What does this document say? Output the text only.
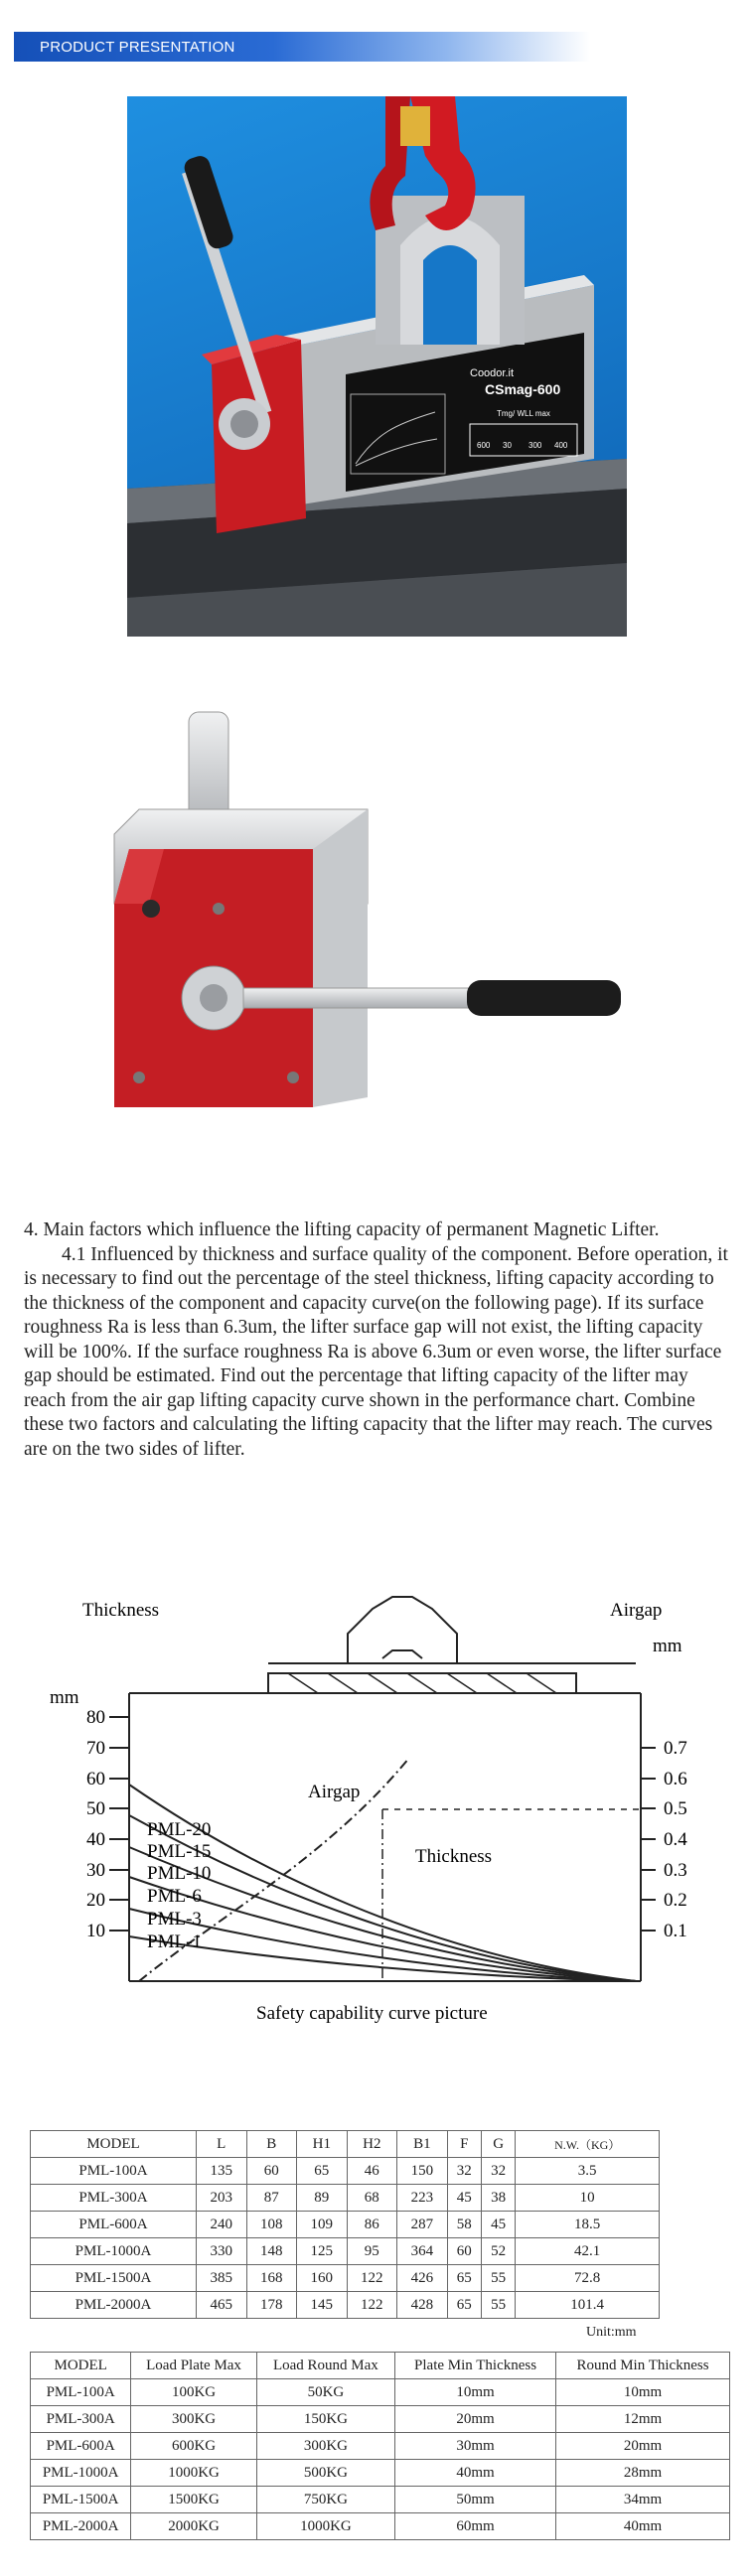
PRODUCT PRESENTATION
Coodor.it
CSmag-600
Tmg/ WLL max
600 30 300 400

4. Main factors which influence the lifting capacity of permanent Magnetic Lifter.

4.1 Influenced by thickness and surface quality of the component. Before operation, it is necessary to find out the percentage of the steel thickness, lifting capacity according to the thickness of the component and capacity curve(on the following page). If its surface roughness Ra is less than 6.3um, the lifter surface gap will not exist, the lifting capacity will be 100%. If the surface roughness Ra is above 6.3um or even worse, the lifter surface gap should be estimated. Find out the percentage that lifting capacity of the lifter may reach from the air gap lifting capacity curve shown in the performance chart. Combine these two factors and calculating the lifting capacity that the lifter may reach. The curves are on the two sides of lifter.

Thickness	Airgap
mm
mm
80
70
60
50
40
30
20
10
0.7
0.6
0.5
0.4
0.3
0.2
0.1
Airgap
Thickness
PML-20
PML-15
PML-10
PML-6
PML-3
PML-1
Safety capability curve picture
MODEL	L	B	H1	H2	B1	F	G	N.W.（KG）
PML-100A	135	60	65	46	150	32	32	3.5
PML-300A	203	87	89	68	223	45	38	10
PML-600A	240	108	109	86	287	58	45	18.5
PML-1000A	330	148	125	95	364	60	52	42.1
PML-1500A	385	168	160	122	426	65	55	72.8
PML-2000A	465	178	145	122	428	65	55	101.4
Unit:mm
MODEL	Load Plate Max	Load Round Max	Plate Min Thickness	Round Min Thickness
PML-100A	100KG	50KG	10mm	10mm
PML-300A	300KG	150KG	20mm	12mm
PML-600A	600KG	300KG	30mm	20mm
PML-1000A	1000KG	500KG	40mm	28mm
PML-1500A	1500KG	750KG	50mm	34mm
PML-2000A	2000KG	1000KG	60mm	40mm
